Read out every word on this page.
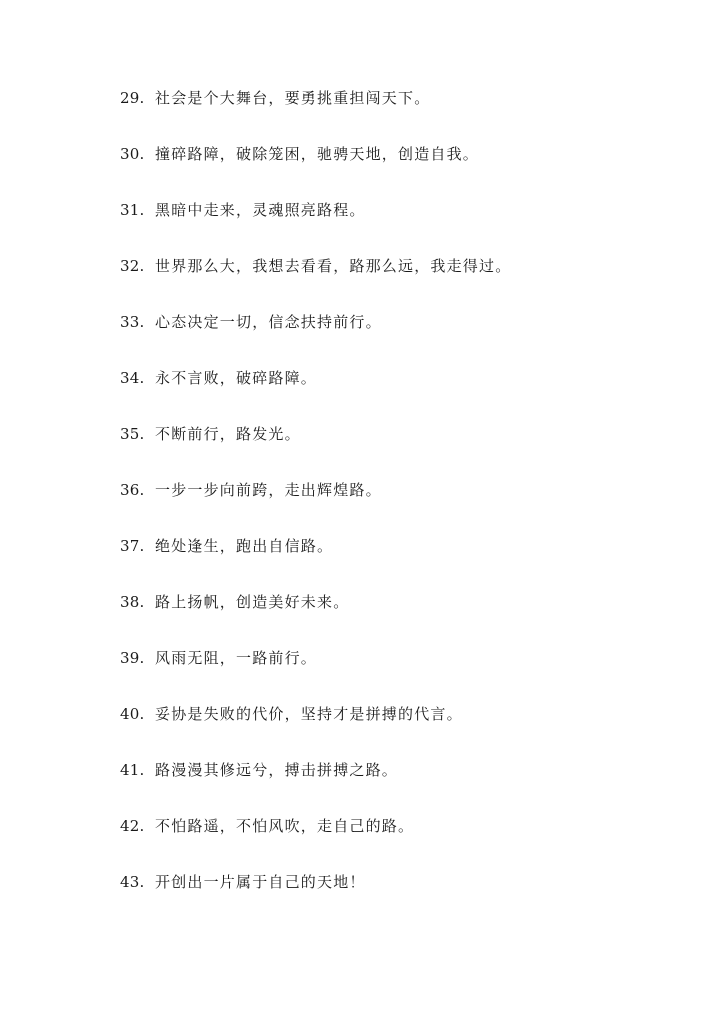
29. 社会是个大舞台，要勇挑重担闯天下。
30. 撞碎路障，破除笼困，驰骋天地，创造自我。
31. 黑暗中走来，灵魂照亮路程。
32. 世界那么大，我想去看看，路那么远，我走得过。
33. 心态决定一切，信念扶持前行。
34. 永不言败，破碎路障。
35. 不断前行，路发光。
36. 一步一步向前跨，走出辉煌路。
37. 绝处逢生，跑出自信路。
38. 路上扬帆，创造美好未来。
39. 风雨无阻，一路前行。
40. 妥协是失败的代价，坚持才是拼搏的代言。
41. 路漫漫其修远兮，搏击拼搏之路。
42. 不怕路遥，不怕风吹，走自己的路。
43. 开创出一片属于自己的天地！
